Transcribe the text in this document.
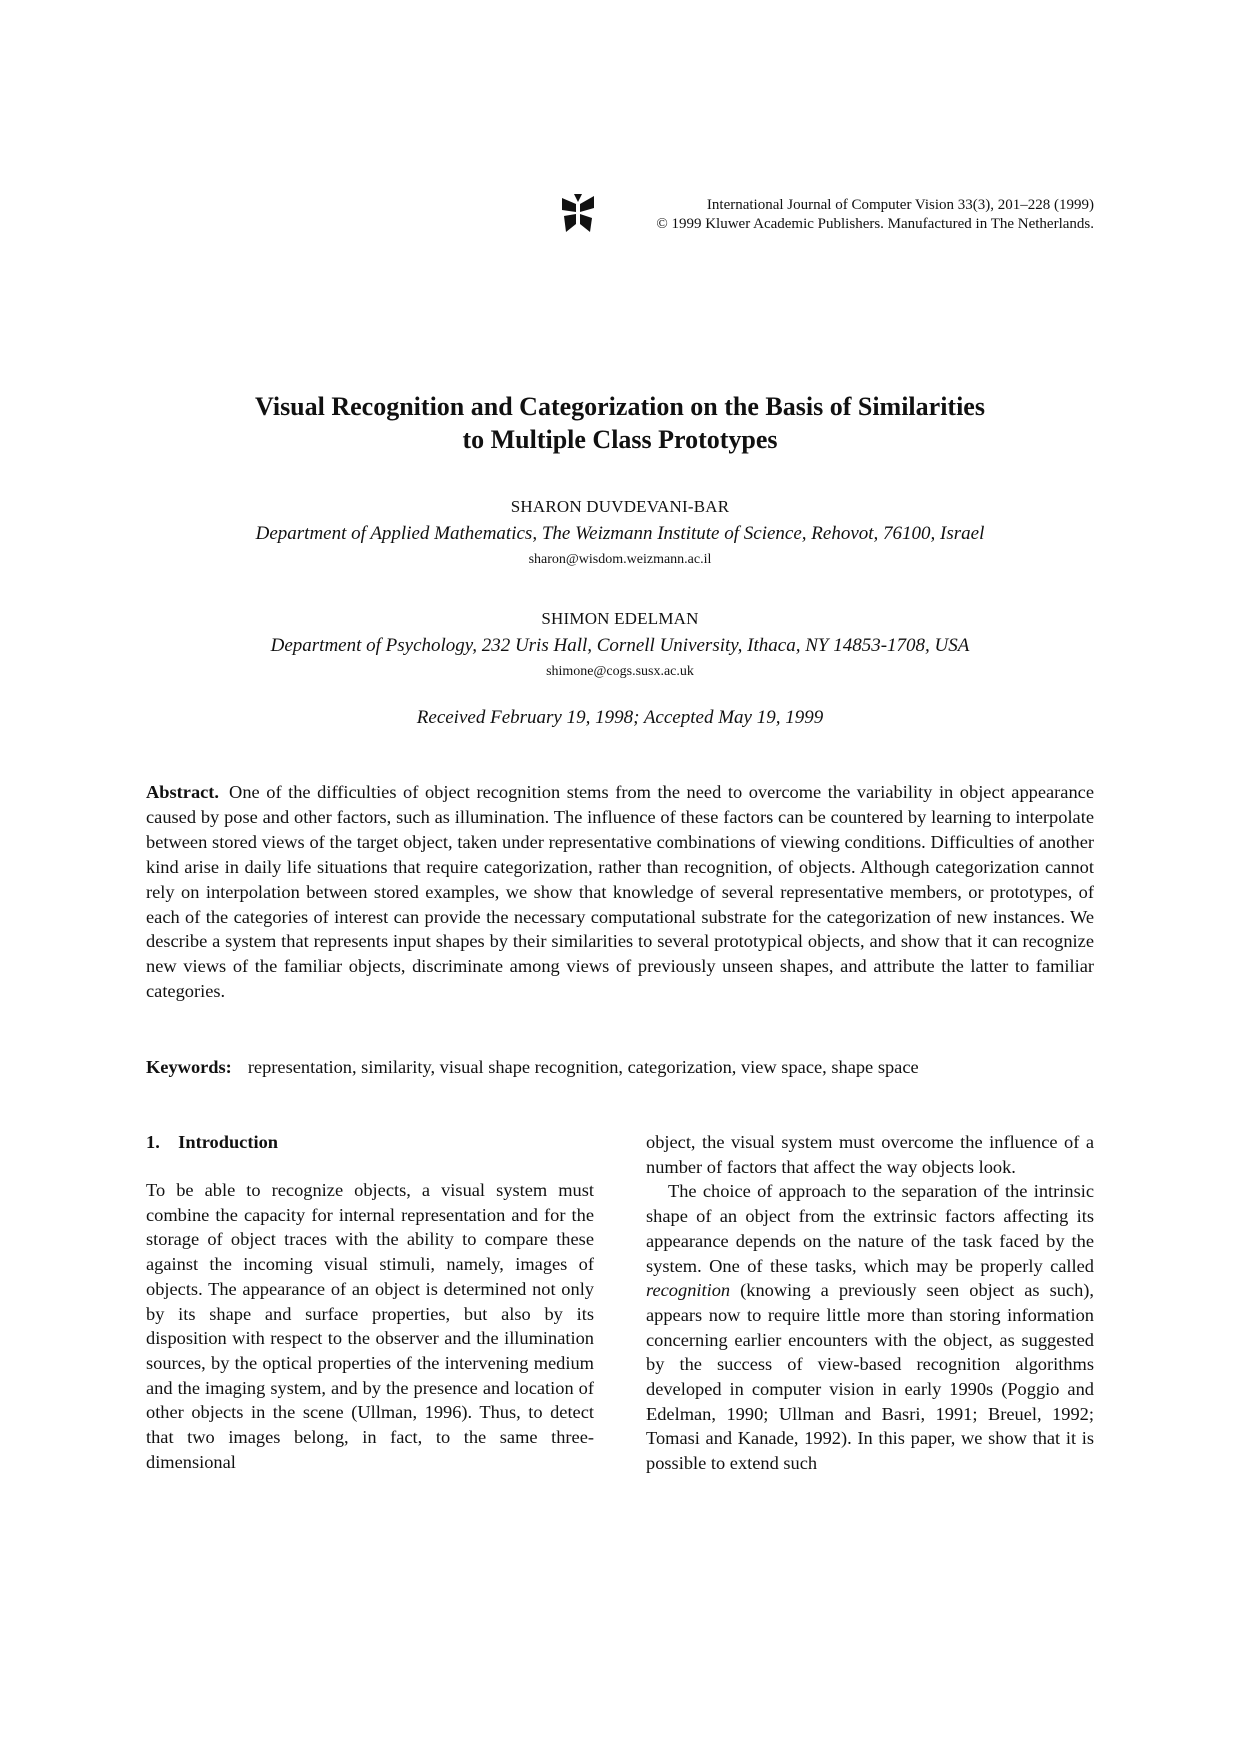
International Journal of Computer Vision 33(3), 201–228 (1999)
© 1999 Kluwer Academic Publishers. Manufactured in The Netherlands.
Visual Recognition and Categorization on the Basis of Similarities
to Multiple Class Prototypes
SHARON DUVDEVANI-BAR
Department of Applied Mathematics, The Weizmann Institute of Science, Rehovot, 76100, Israel
sharon@wisdom.weizmann.ac.il
SHIMON EDELMAN
Department of Psychology, 232 Uris Hall, Cornell University, Ithaca, NY 14853-1708, USA
shimone@cogs.susx.ac.uk
Received February 19, 1998; Accepted May 19, 1999

Abstract. One of the difficulties of object recognition stems from the need to overcome the variability in object appearance caused by pose and other factors, such as illumination. The influence of these factors can be countered by learning to interpolate between stored views of the target object, taken under representative combinations of viewing conditions. Difficulties of another kind arise in daily life situations that require categorization, rather than recognition, of objects. Although categorization cannot rely on interpolation between stored examples, we show that knowledge of several representative members, or prototypes, of each of the categories of interest can provide the necessary computational substrate for the categorization of new instances. We describe a system that represents input shapes by their similarities to several prototypical objects, and show that it can recognize new views of the familiar objects, discriminate among views of previously unseen shapes, and attribute the latter to familiar categories.

Keywords: representation, similarity, visual shape recognition, categorization, view space, shape space

1. Introduction

To be able to recognize objects, a visual system must combine the capacity for internal representation and for the storage of object traces with the ability to compare these against the incoming visual stimuli, namely, images of objects. The appearance of an object is determined not only by its shape and surface properties, but also by its disposition with respect to the observer and the illumination sources, by the optical properties of the intervening medium and the imaging system, and by the presence and location of other objects in the scene (Ullman, 1996). Thus, to detect that two images belong, in fact, to the same three-dimensional

object, the visual system must overcome the influence of a number of factors that affect the way objects look.

The choice of approach to the separation of the intrinsic shape of an object from the extrinsic factors affecting its appearance depends on the nature of the task faced by the system. One of these tasks, which may be properly called recognition (knowing a previously seen object as such), appears now to require little more than storing information concerning earlier encounters with the object, as suggested by the success of view-based recognition algorithms developed in computer vision in early 1990s (Poggio and Edelman, 1990; Ullman and Basri, 1991; Breuel, 1992; Tomasi and Kanade, 1992). In this paper, we show that it is possible to extend such
